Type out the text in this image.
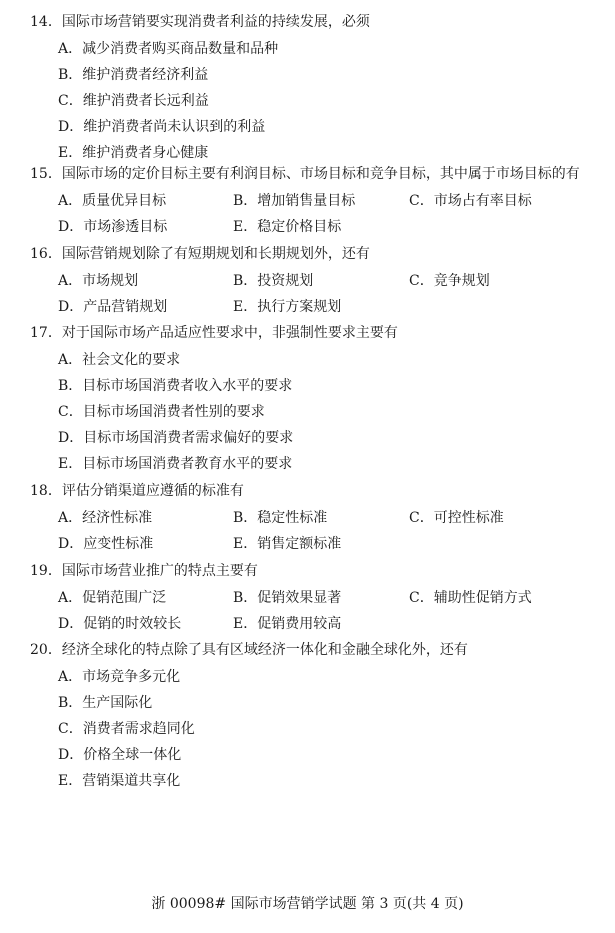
14．国际市场营销要实现消费者利益的持续发展，必须
A．减少消费者购买商品数量和品种
B．维护消费者经济利益
C．维护消费者长远利益
D．维护消费者尚未认识到的利益
E．维护消费者身心健康
15．国际市场的定价目标主要有利润目标、市场目标和竞争目标，其中属于市场目标的有
A．质量优异目标	B．增加销售量目标	C．市场占有率目标
D．市场渗透目标	E．稳定价格目标
16．国际营销规划除了有短期规划和长期规划外，还有
A．市场规划	B．投资规划	C．竞争规划
D．产品营销规划	E．执行方案规划
17．对于国际市场产品适应性要求中，非强制性要求主要有
A．社会文化的要求
B．目标市场国消费者收入水平的要求
C．目标市场国消费者性别的要求
D．目标市场国消费者需求偏好的要求
E．目标市场国消费者教育水平的要求
18．评估分销渠道应遵循的标准有
A．经济性标准	B．稳定性标准	C．可控性标准
D．应变性标准	E．销售定额标准
19．国际市场营业推广的特点主要有
A．促销范围广泛	B．促销效果显著	C．辅助性促销方式
D．促销的时效较长	E．促销费用较高
20．经济全球化的特点除了具有区域经济一体化和金融全球化外，还有
A．市场竞争多元化
B．生产国际化
C．消费者需求趋同化
D．价格全球一体化
E．营销渠道共享化
浙 00098# 国际市场营销学试题 第 3 页(共 4 页)
